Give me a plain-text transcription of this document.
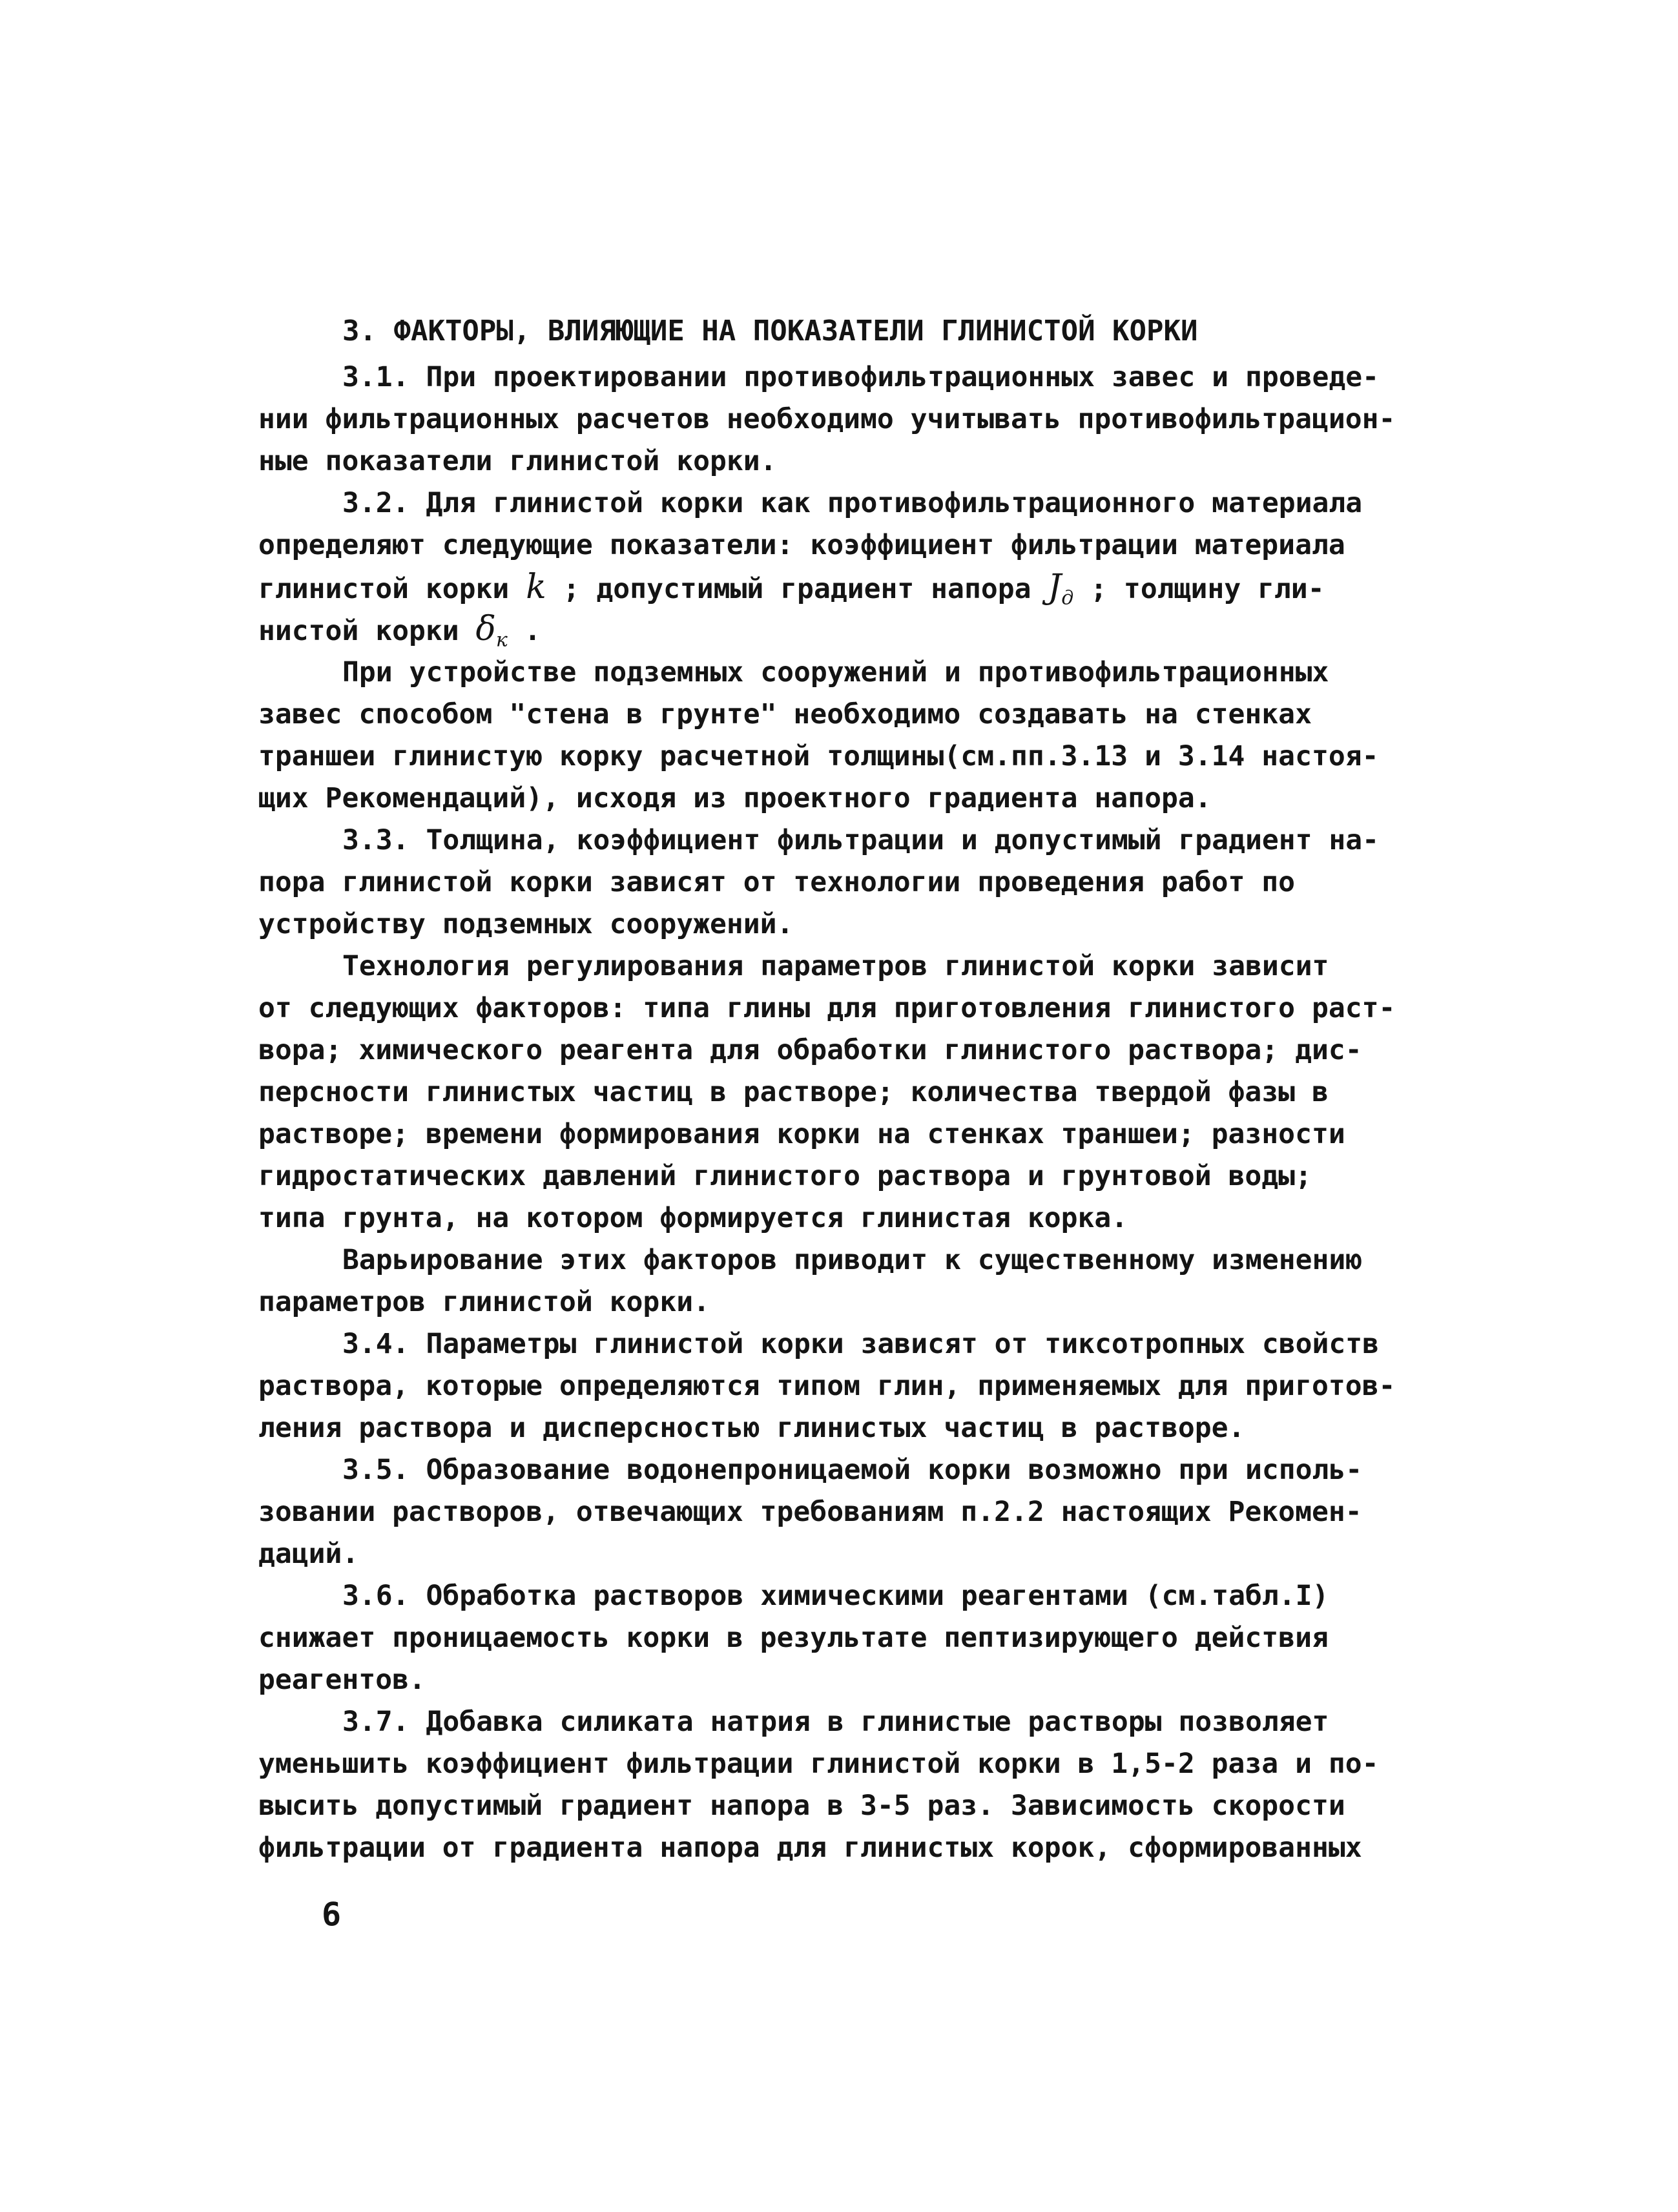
3. ФАКТОРЫ, ВЛИЯЮЩИЕ НА ПОКАЗАТЕЛИ ГЛИНИСТОЙ КОРКИ
3.1. При проектировании противофильтрационных завес и проведе-
нии фильтрационных расчетов необходимо учитывать противофильтрацион-
ные показатели глинистой корки.
3.2. Для глинистой корки как противофильтрационного материала
определяют следующие показатели: коэффициент фильтрации материала
глинистой корки k ; допустимый градиент напора $J_д$ ; толщину гли-
нистой корки $\delta_к$ .
При устройстве подземных сооружений и противофильтрационных
завес способом "стена в грунте" необходимо создавать на стенках
траншеи глинистую корку расчетной толщины(см.пп.3.13 и 3.14 настоя-
щих Рекомендаций), исходя из проектного градиента напора.
3.3. Толщина, коэффициент фильтрации и допустимый градиент на-
пора глинистой корки зависят от технологии проведения работ по
устройству подземных сооружений.
Технология регулирования параметров глинистой корки зависит
от следующих факторов: типа глины для приготовления глинистого раст-
вора; химического реагента для обработки глинистого раствора; дис-
персности глинистых частиц в растворе; количества твердой фазы в
растворе; времени формирования корки на стенках траншеи; разности
гидростатических давлений глинистого раствора и грунтовой воды;
типа грунта, на котором формируется глинистая корка.
Варьирование этих факторов приводит к существенному изменению
параметров глинистой корки.
3.4. Параметры глинистой корки зависят от тиксотропных свойств
раствора, которые определяются типом глин, применяемых для приготов-
ления раствора и дисперсностью глинистых частиц в растворе.
3.5. Образование водонепроницаемой корки возможно при исполь-
зовании растворов, отвечающих требованиям п.2.2 настоящих Рекомен-
даций.
3.6. Обработка растворов химическими реагентами (см.табл.I)
снижает проницаемость корки в результате пептизирующего действия
реагентов.
3.7. Добавка силиката натрия в глинистые растворы позволяет
уменьшить коэффициент фильтрации глинистой корки в 1,5-2 раза и по-
высить допустимый градиент напора в 3-5 раз. Зависимость скорости
фильтрации от градиента напора для глинистых корок, сформированных
6
